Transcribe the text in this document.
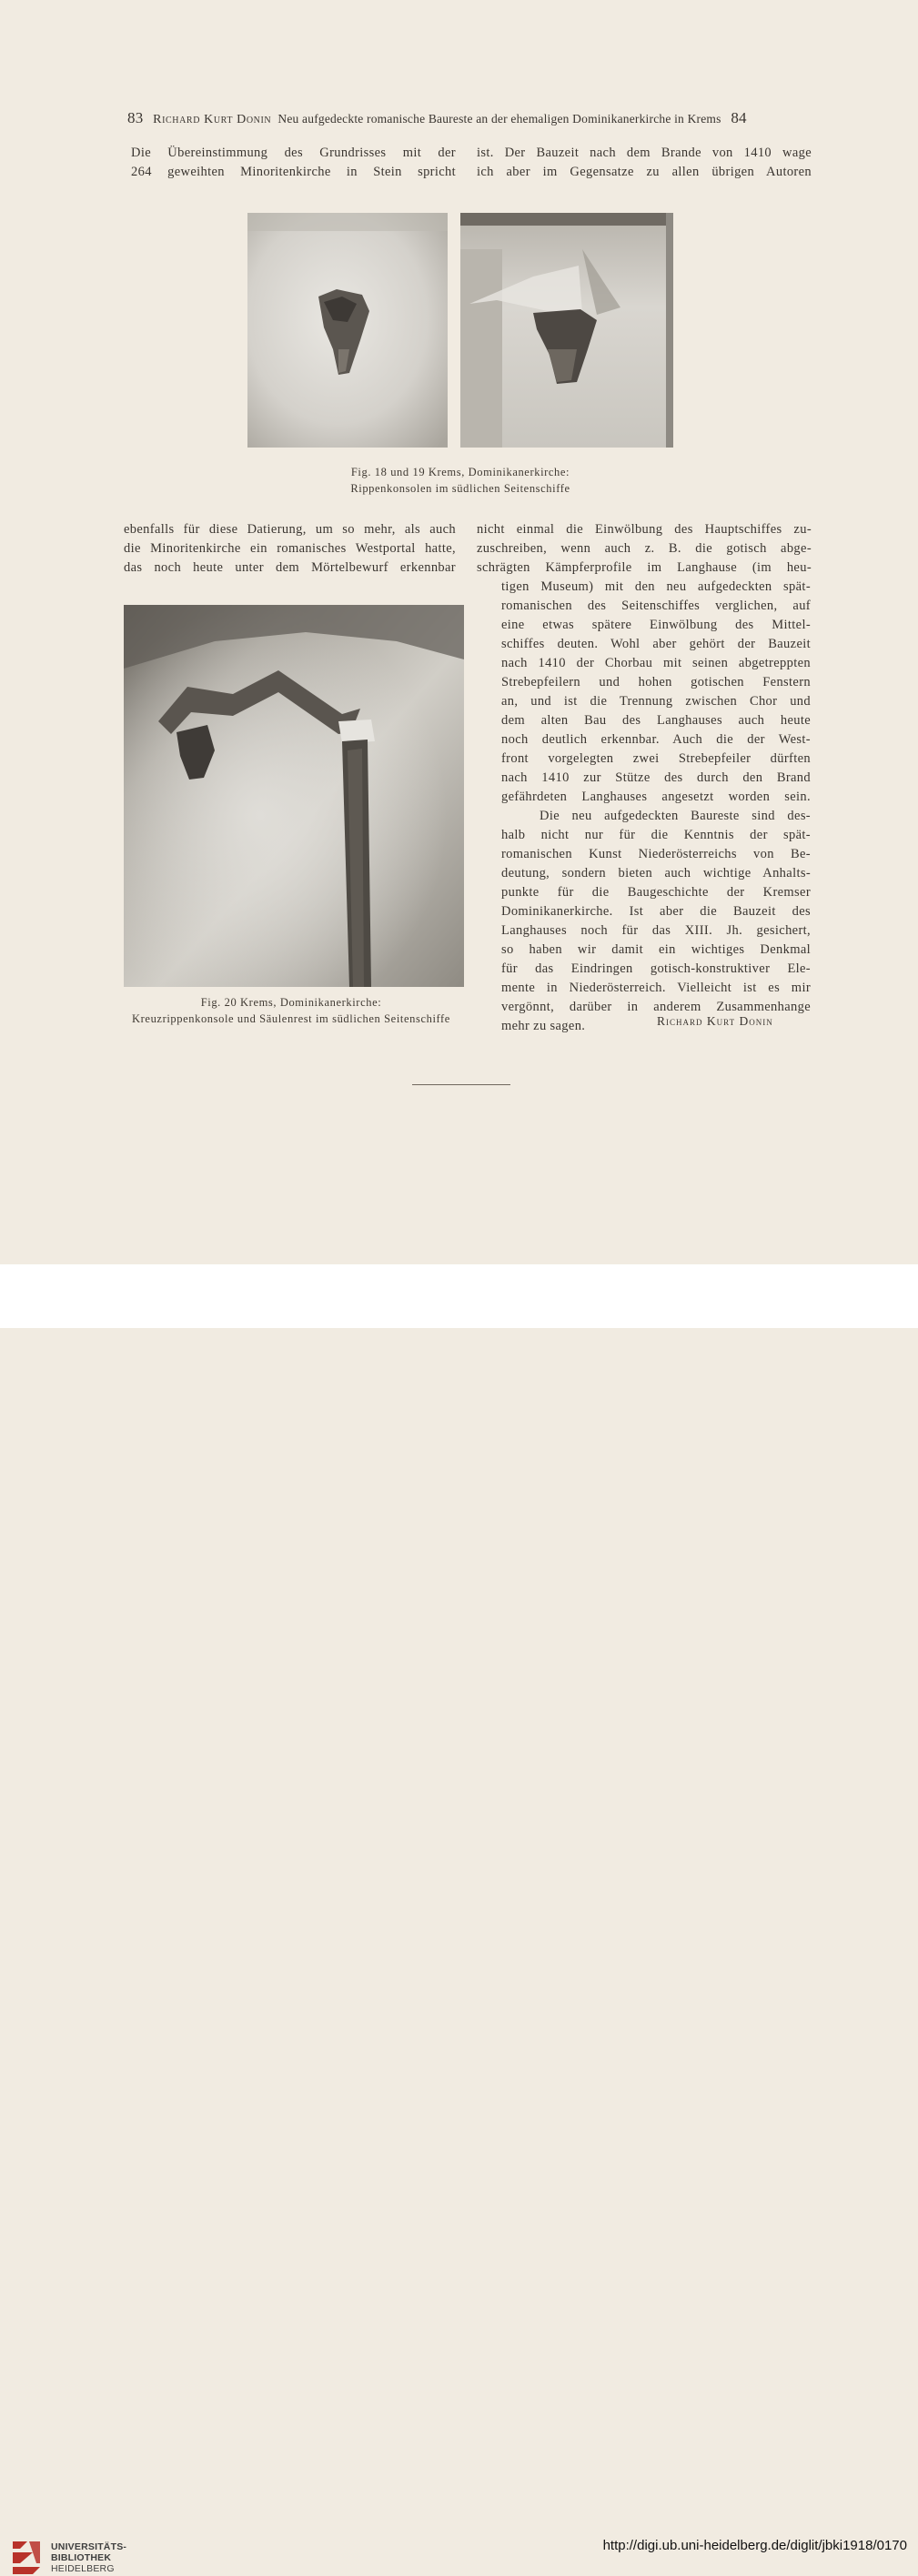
83 Richard Kurt Donin Neu aufgedeckte romanische Baureste an der ehemaligen Dominikanerkirche in Krems 84
Die Übereinstimmung des Grundrisses mit der
264 geweihten Minoritenkirche in Stein spricht
ist. Der Bauzeit nach dem Brande von 1410 wage
ich aber im Gegensatze zu allen übrigen Autoren
Fig. 18 und 19 Krems, Dominikanerkirche:
Rippenkonsolen im südlichen Seitenschiffe
ebenfalls für diese Datierung, um so mehr, als auch
die Minoritenkirche ein romanisches Westportal hatte,
das noch heute unter dem Mörtelbewurf erkennbar
nicht einmal die Einwölbung des Hauptschiffes zu-
zuschreiben, wenn auch z. B. die gotisch abge-
schrägten Kämpferprofile im Langhause (im heu-
tigen Museum) mit den neu aufgedeckten spät-
romanischen des Seitenschiffes verglichen, auf
eine etwas spätere Einwölbung des Mittel-
schiffes deuten. Wohl aber gehört der Bauzeit
nach 1410 der Chorbau mit seinen abgetreppten
Strebepfeilern und hohen gotischen Fenstern
an, und ist die Trennung zwischen Chor und
dem alten Bau des Langhauses auch heute
noch deutlich erkennbar. Auch die der West-
front vorgelegten zwei Strebepfeiler dürften
nach 1410 zur Stütze des durch den Brand
gefährdeten Langhauses angesetzt worden sein.
Die neu aufgedeckten Baureste sind des-
halb nicht nur für die Kenntnis der spät-
romanischen Kunst Niederösterreichs von Be-
deutung, sondern bieten auch wichtige Anhalts-
punkte für die Baugeschichte der Kremser
Dominikanerkirche. Ist aber die Bauzeit des
Langhauses noch für das XIII. Jh. gesichert,
so haben wir damit ein wichtiges Denkmal
für das Eindringen gotisch-konstruktiver Ele-
mente in Niederösterreich. Vielleicht ist es mir
vergönnt, darüber in anderem Zusammenhange
mehr zu sagen.
Fig. 20 Krems, Dominikanerkirche:
Kreuzrippenkonsole und Säulenrest im südlichen Seitenschiffe	Richard Kurt Donin
UNIVERSITÄTS-
BIBLIOTHEK
HEIDELBERG
http://digi.ub.uni-heidelberg.de/diglit/jbki1918/0170
